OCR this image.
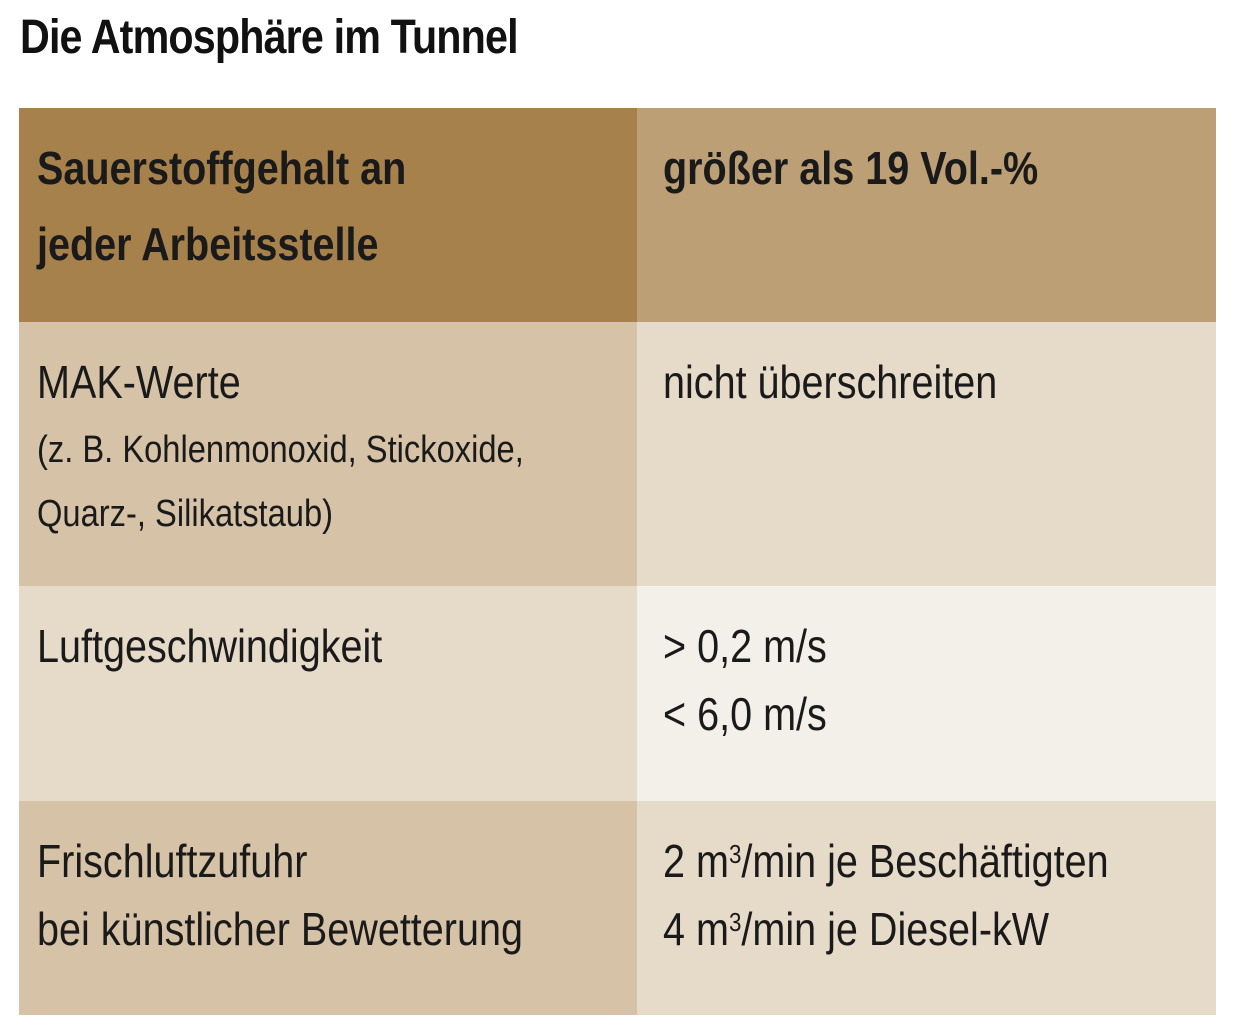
Die Atmosphäre im Tunnel
Sauerstoffgehalt an
jeder Arbeitsstelle
größer als 19 Vol.-%
MAK-Werte
(z. B. Kohlenmonoxid, Stickoxide,
Quarz-, Silikatstaub)
nicht überschreiten
Luftgeschwindigkeit	> 0,2 m/s
< 6,0 m/s
Frischluftzufuhr
bei künstlicher Bewetterung
2 $m^3/\min$ je Beschäftigten
4 $m^3/\min$ je Diesel-kW
